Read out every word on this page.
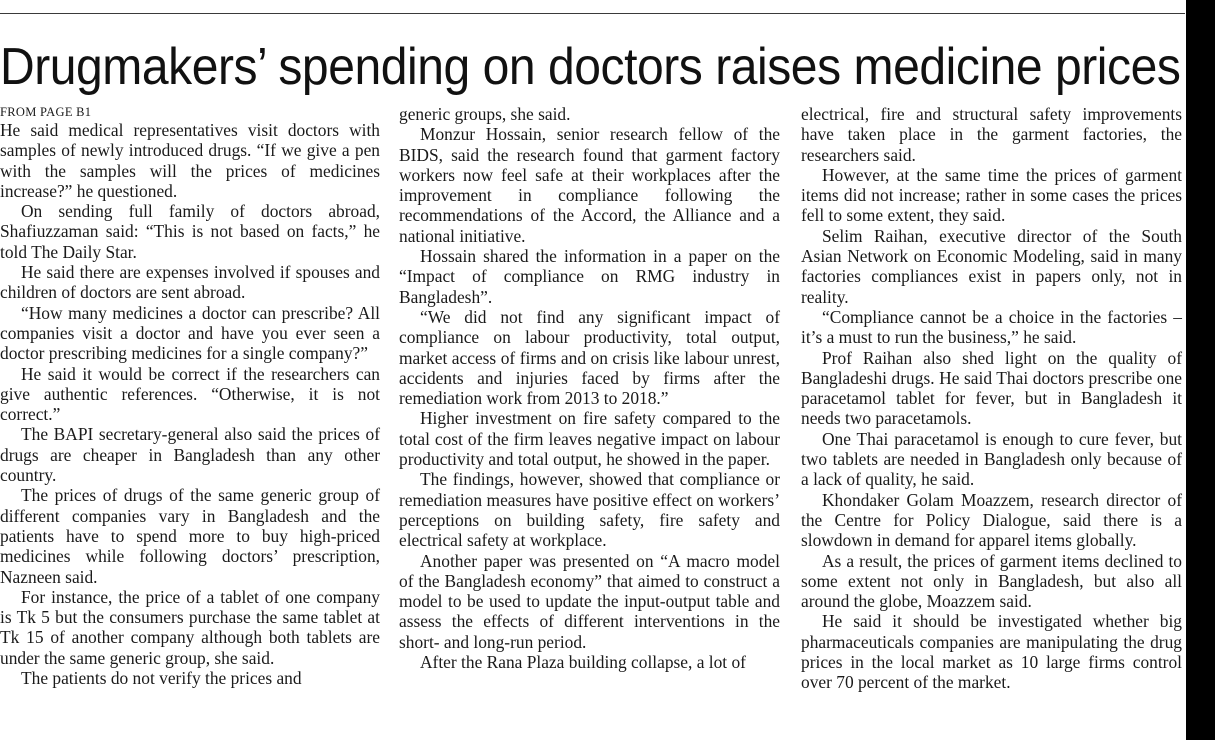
Drugmakers’ spending on doctors raises medicine prices
FROM PAGE B1

He said medical representatives visit doctors with samples of newly introduced drugs. “If we give a pen with the samples will the prices of medicines increase?” he questioned.

On sending full family of doctors abroad, Shafiuzzaman said: “This is not based on facts,” he told The Daily Star.

He said there are expenses involved if spouses and children of doctors are sent abroad.

“How many medicines a doctor can prescribe? All companies visit a doctor and have you ever seen a doctor prescribing medicines for a single company?”

He said it would be correct if the researchers can give authentic references. “Otherwise, it is not correct.”

The BAPI secretary-general also said the prices of drugs are cheaper in Bangladesh than any other country.

The prices of drugs of the same generic group of different companies vary in Bangladesh and the patients have to spend more to buy high-priced medicines while following doctors’ prescription, Nazneen said.

For instance, the price of a tablet of one company is Tk 5 but the consumers purchase the same tablet at Tk 15 of another company although both tablets are under the same generic group, she said.

The patients do not verify the prices and

generic groups, she said.

Monzur Hossain, senior research fellow of the BIDS, said the research found that garment factory workers now feel safe at their workplaces after the improvement in compliance following the recommendations of the Accord, the Alliance and a national initiative.

Hossain shared the information in a paper on the “Impact of compliance on RMG industry in Bangladesh”.

“We did not find any significant impact of compliance on labour productivity, total output, market access of firms and on crisis like labour unrest, accidents and injuries faced by firms after the remediation work from 2013 to 2018.”

Higher investment on fire safety compared to the total cost of the firm leaves negative impact on labour productivity and total output, he showed in the paper.

The findings, however, showed that compliance or remediation measures have positive effect on workers’ perceptions on building safety, fire safety and electrical safety at workplace.

Another paper was presented on “A macro model of the Bangladesh economy” that aimed to construct a model to be used to update the input-output table and assess the effects of different interventions in the short- and long-run period.

After the Rana Plaza building collapse, a lot of

electrical, fire and structural safety improvements have taken place in the garment factories, the researchers said.

However, at the same time the prices of garment items did not increase; rather in some cases the prices fell to some extent, they said.

Selim Raihan, executive director of the South Asian Network on Economic Modeling, said in many factories compliances exist in papers only, not in reality.

“Compliance cannot be a choice in the factories – it’s a must to run the business,” he said.

Prof Raihan also shed light on the quality of Bangladeshi drugs. He said Thai doctors prescribe one paracetamol tablet for fever, but in Bangladesh it needs two paracetamols.

One Thai paracetamol is enough to cure fever, but two tablets are needed in Bangladesh only because of a lack of quality, he said.

Khondaker Golam Moazzem, research director of the Centre for Policy Dialogue, said there is a slowdown in demand for apparel items globally.

As a result, the prices of garment items declined to some extent not only in Bangladesh, but also all around the globe, Moazzem said.

He said it should be investigated whether big pharmaceuticals companies are manipulating the drug prices in the local market as 10 large firms control over 70 percent of the market.
